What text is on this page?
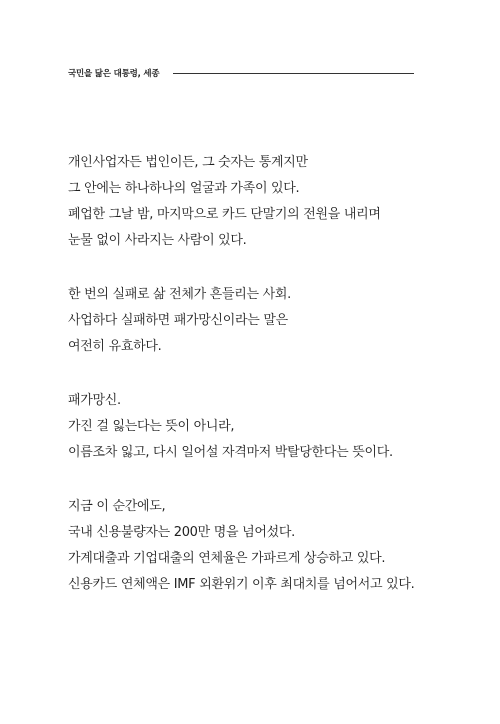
국민을 닮은 대통령, 세종
개인사업자든 법인이든, 그 숫자는 통계지만
그 안에는 하나하나의 얼굴과 가족이 있다.
폐업한 그날 밤, 마지막으로 카드 단말기의 전원을 내리며
눈물 없이 사라지는 사람이 있다.
한 번의 실패로 삶 전체가 흔들리는 사회.
사업하다 실패하면 패가망신이라는 말은
여전히 유효하다.
패가망신.
가진 걸 잃는다는 뜻이 아니라,
이름조차 잃고, 다시 일어설 자격마저 박탈당한다는 뜻이다.
지금 이 순간에도,
국내 신용불량자는 200만 명을 넘어섰다.
가계대출과 기업대출의 연체율은 가파르게 상승하고 있다.
신용카드 연체액은 IMF 외환위기 이후 최대치를 넘어서고 있다.
